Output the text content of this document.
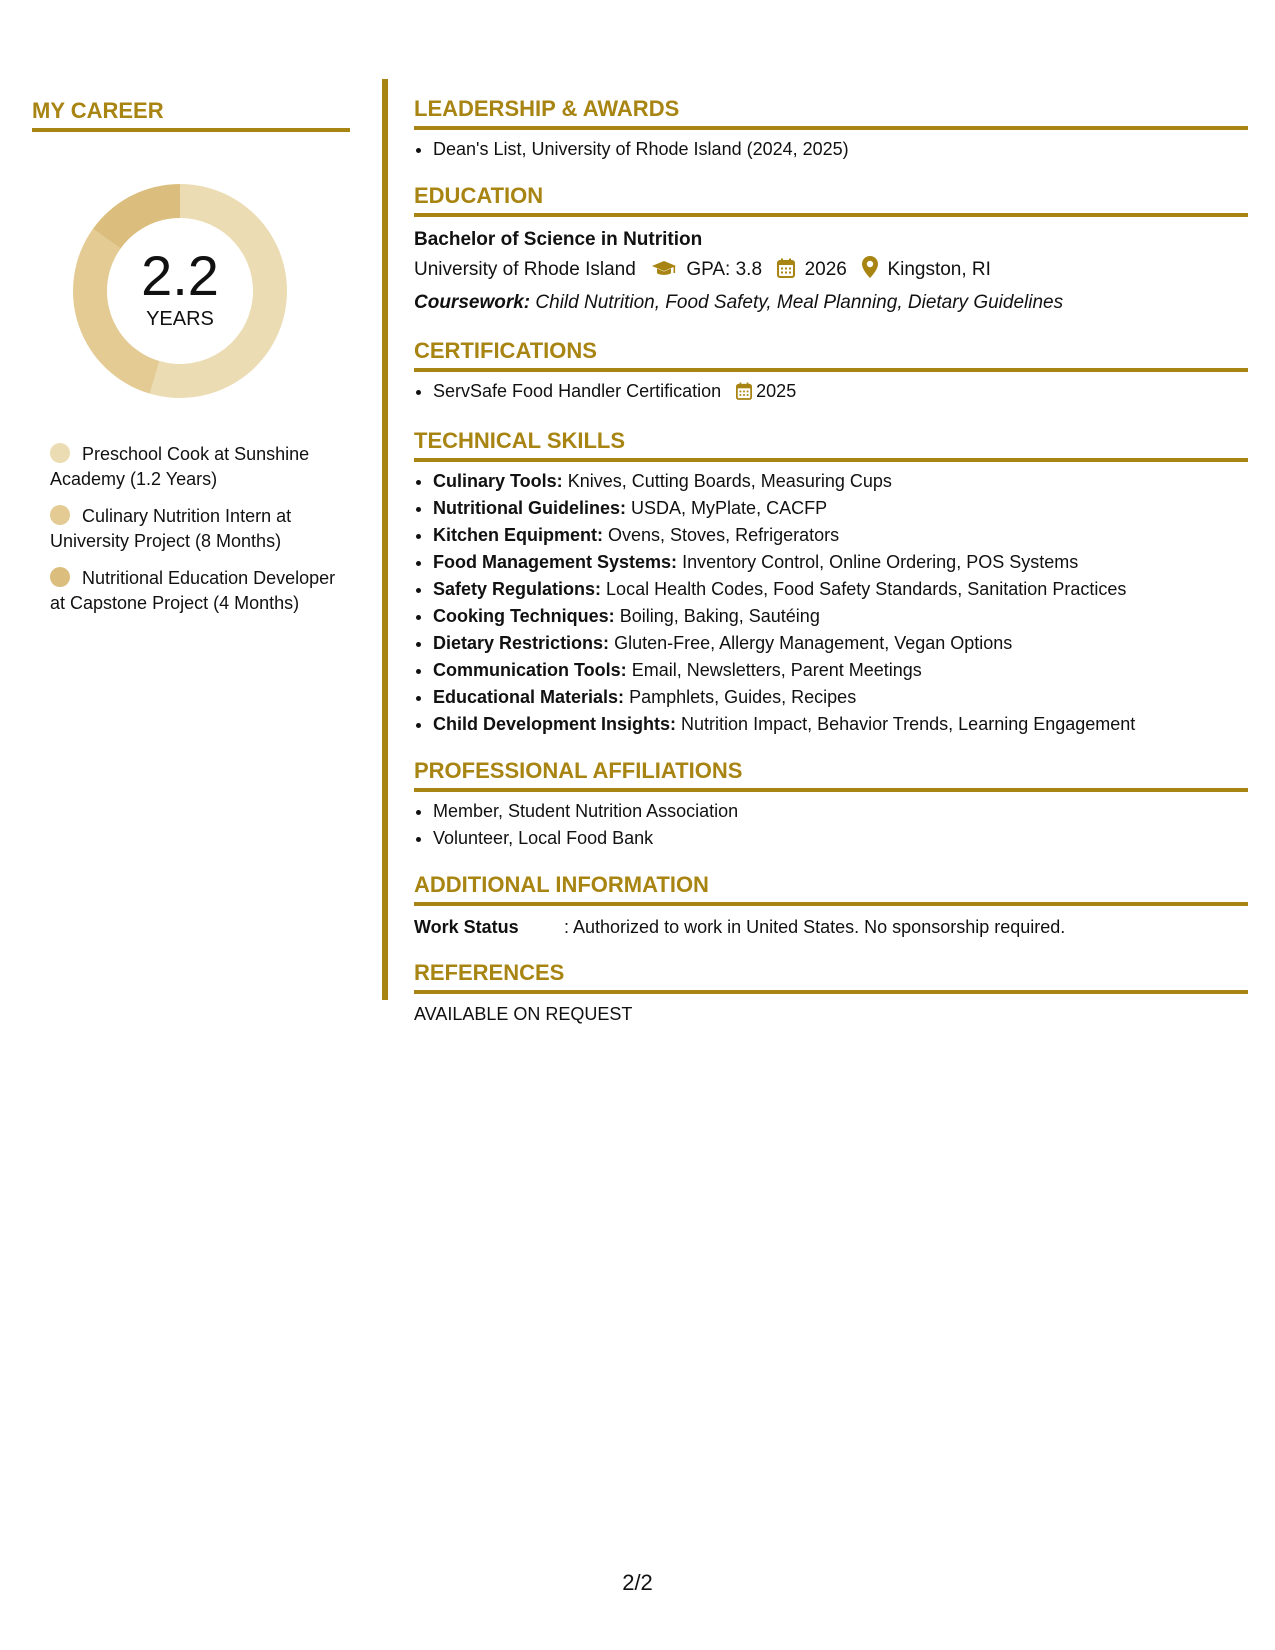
MY CAREER
2.2
YEARS
Preschool Cook at Sunshine Academy (1.2 Years)
Culinary Nutrition Intern at University Project (8 Months)
Nutritional Education Developer at Capstone Project (4 Months)
LEADERSHIP & AWARDS
• Dean's List, University of Rhode Island (2024, 2025)
EDUCATION
Bachelor of Science in Nutrition
University of Rhode Island	GPA: 3.8 2026 Kingston, RI
Coursework: Child Nutrition, Food Safety, Meal Planning, Dietary Guidelines
CERTIFICATIONS
• ServSafe Food Handler Certification 2025
TECHNICAL SKILLS
• Culinary Tools: Knives, Cutting Boards, Measuring Cups
• Nutritional Guidelines: USDA, MyPlate, CACFP
• Kitchen Equipment: Ovens, Stoves, Refrigerators
• Food Management Systems: Inventory Control, Online Ordering, POS Systems
• Safety Regulations: Local Health Codes, Food Safety Standards, Sanitation Practices
• Cooking Techniques: Boiling, Baking, Sautéing
• Dietary Restrictions: Gluten-Free, Allergy Management, Vegan Options
• Communication Tools: Email, Newsletters, Parent Meetings
• Educational Materials: Pamphlets, Guides, Recipes
• Child Development Insights: Nutrition Impact, Behavior Trends, Learning Engagement
PROFESSIONAL AFFILIATIONS
• Member, Student Nutrition Association
• Volunteer, Local Food Bank
ADDITIONAL INFORMATION
Work Status	: Authorized to work in United States. No sponsorship required.
REFERENCES
AVAILABLE ON REQUEST
2/2
